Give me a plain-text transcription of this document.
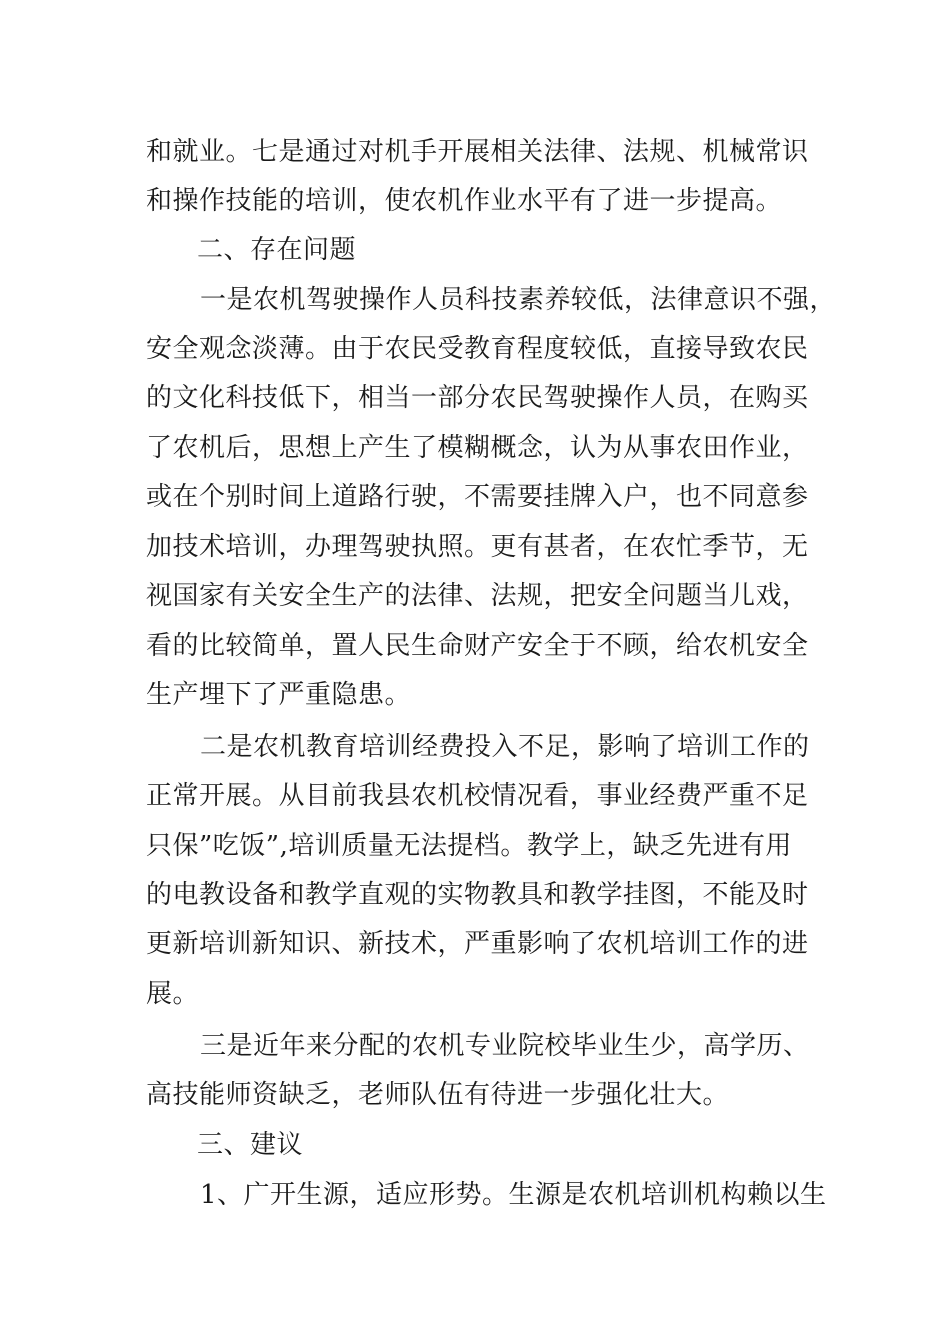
和就业。七是通过对机手开展相关法律、法规、机械常识
和操作技能的培训，使农机作业水平有了进一步提高。
二、存在问题
一是农机驾驶操作人员科技素养较低，法律意识不强，
安全观念淡薄。由于农民受教育程度较低，直接导致农民
的文化科技低下，相当一部分农民驾驶操作人员，在购买
了农机后，思想上产生了模糊概念，认为从事农田作业，
或在个别时间上道路行驶，不需要挂牌入户，也不同意参
加技术培训，办理驾驶执照。更有甚者，在农忙季节，无
视国家有关安全生产的法律、法规，把安全问题当儿戏，
看的比较简单，置人民生命财产安全于不顾，给农机安全
生产埋下了严重隐患。
二是农机教育培训经费投入不足，影响了培训工作的
正常开展。从目前我县农机校情况看，事业经费严重不足
只保”吃饭”,培训质量无法提档。教学上，缺乏先进有用
的电教设备和教学直观的实物教具和教学挂图，不能及时
更新培训新知识、新技术，严重影响了农机培训工作的进
展。
三是近年来分配的农机专业院校毕业生少，高学历、
高技能师资缺乏，老师队伍有待进一步强化壮大。
三、建议
1、广开生源，适应形势。生源是农机培训机构赖以生
